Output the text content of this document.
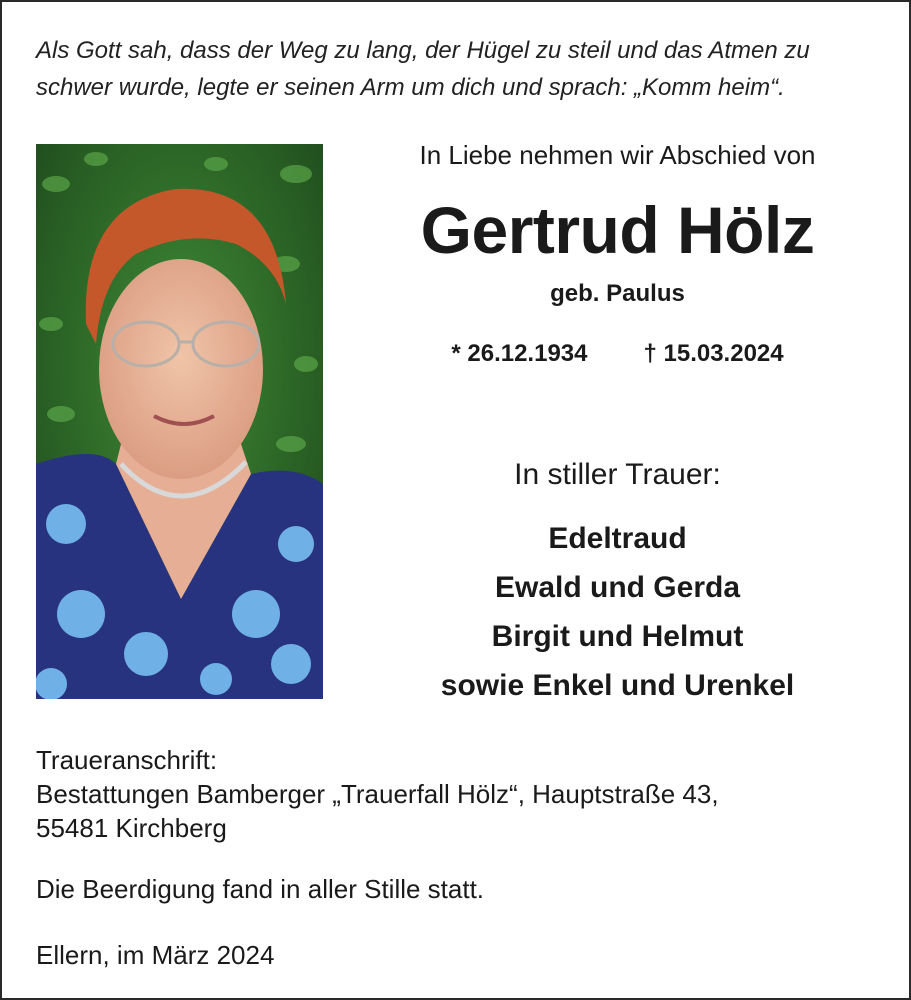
Als Gott sah, dass der Weg zu lang, der Hügel zu steil und das Atmen zu schwer wurde, legte er seinen Arm um dich und sprach: „Komm heim“.
In Liebe nehmen wir Abschied von
Gertrud Hölz
geb. Paulus
* 26.12.1934 † 15.03.2024
In stiller Trauer:
Edeltraud
Ewald und Gerda
Birgit und Helmut
sowie Enkel und Urenkel
Traueranschrift:
Bestattungen Bamberger „Trauerfall Hölz“, Hauptstraße 43,
55481 Kirchberg
Die Beerdigung fand in aller Stille statt.
Ellern, im März 2024
